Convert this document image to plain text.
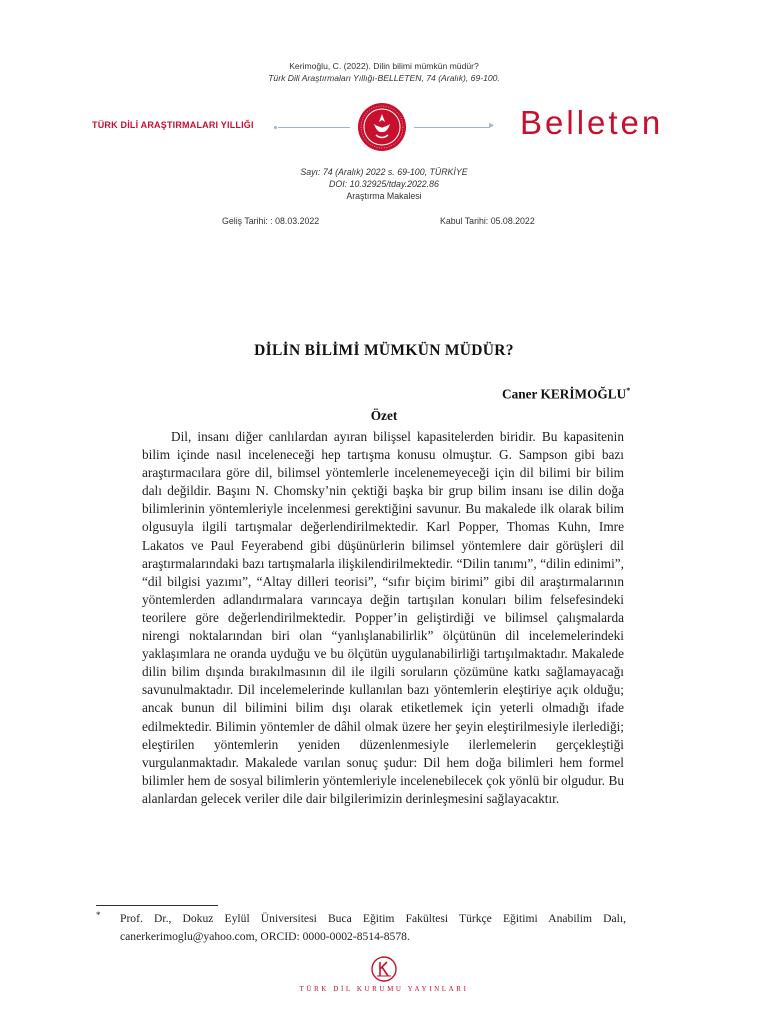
Kerimoğlu, C. (2022). Dilin bilimi mümkün müdür?
Türk Dili Araştırmaları Yıllığı-BELLETEN, 74 (Aralık), 69-100.
TÜRK DİLİ ARAŞTIRMALARI YILLIĞI	▸ Belleten
Sayı: 74 (Aralık) 2022 s. 69-100, TÜRKİYE
DOI: 10.32925/tday.2022.86
Araştırma Makalesi
Geliş Tarihi: : 08.03.2022	Kabul Tarihi: 05.08.2022
DİLİN BİLİMİ MÜMKÜN MÜDÜR?
Caner KERİMOĞLU*
Özet

Dil, insanı diğer canlılardan ayıran bilişsel kapasitelerden biridir. Bu kapasitenin bilim içinde nasıl inceleneceği hep tartışma konusu olmuştur. G. Sampson gibi bazı araştırmacılara göre dil, bilimsel yöntemlerle incelenemeyeceği için dil bilimi bir bilim dalı değildir. Başını N. Chomsky’nin çektiği başka bir grup bilim insanı ise dilin doğa bilimlerinin yöntemleriyle incelenmesi gerektiğini savunur. Bu makalede ilk olarak bilim olgusuyla ilgili tartışmalar değerlendirilmektedir. Karl Popper, Thomas Kuhn, Imre Lakatos ve Paul Feyerabend gibi düşünürlerin bilimsel yöntemlere dair görüşleri dil araştırmalarındaki bazı tartışmalarla ilişkilendirilmektedir. “Dilin tanımı”, “dilin edinimi”, “dil bilgisi yazımı”, “Altay dilleri teorisi”, “sıfır biçim birimi” gibi dil araştırmalarının yöntemlerden adlandırmalara varıncaya değin tartışılan konuları bilim felsefesindeki teorilere göre değerlendirilmektedir. Popper’in geliştirdiği ve bilimsel çalışmalarda nirengi noktalarından biri olan “yanlışlanabilirlik” ölçütünün dil incelemelerindeki yaklaşımlara ne oranda uyduğu ve bu ölçütün uygulanabilirliği tartışılmaktadır. Makalede dilin bilim dışında bırakılmasının dil ile ilgili soruların çözümüne katkı sağlamayacağı savunulmaktadır. Dil incelemelerinde kullanılan bazı yöntemlerin eleştiriye açık olduğu; ancak bunun dil bilimini bilim dışı olarak etiketlemek için yeterli olmadığı ifade edilmektedir. Bilimin yöntemler de dâhil olmak üzere her şeyin eleştirilmesiyle ilerlediği; eleştirilen yöntemlerin yeniden düzenlenmesiyle ilerlemelerin gerçekleştiği vurgulanmaktadır. Makalede varılan sonuç şudur: Dil hem doğa bilimleri hem formel bilimler hem de sosyal bilimlerin yöntemleriyle incelenebilecek çok yönlü bir olgudur. Bu alanlardan gelecek veriler dile dair bilgilerimizin derinleşmesini sağlayacaktır.

*	Prof. Dr., Dokuz Eylül Üniversitesi Buca Eğitim Fakültesi Türkçe Eğitimi Anabilim Dalı, canerkerimoglu@yahoo.com, ORCID: 0000-0002-8514-8578.
TÜRK DİL KURUMU YAYINLARI
